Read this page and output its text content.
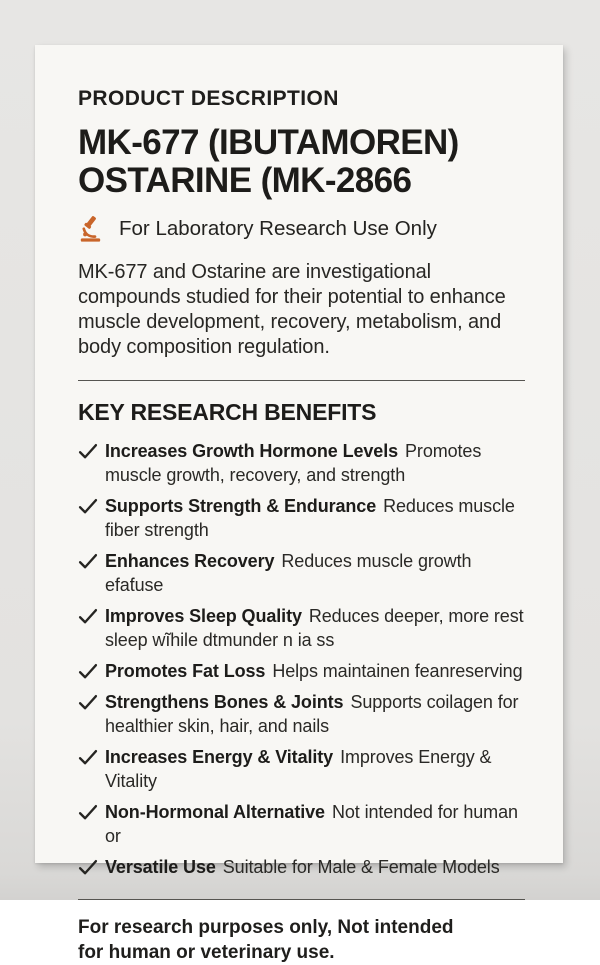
PRODUCT DESCRIPTION
MK-677 (IBUTAMOREN)
OSTARINE (MK-2866
For Laboratory Research Use Only

MK-677 and Ostarine are investigational compounds studied for their potential to enhance muscle development, recovery, metabolism, and body composition regulation.

KEY RESEARCH BENEFITS
Increases Growth Hormone Levels Promotes muscle growth, recovery, and strength
Supports Strength & Endurance Reduces muscle fiber strength
Enhances Recovery Reduces muscle growth efaƭuse
Improves Sleep Quality Reduces deeper, more rest sleep wĩhile dtmunder n ia ss
Promotes Fat Loss Helps maintainen feanreserving
Strengthens Bones & Joints Supports coilagen for healthier skin, hair, and nails
Increases Energy & Vitality Improves Energy & Vitality
Non-Hormonal Alternative Not intended for human or
Versatile Use Suitable for Male & Female Models

For research purposes only, Not intended
for human or veterinary use.
